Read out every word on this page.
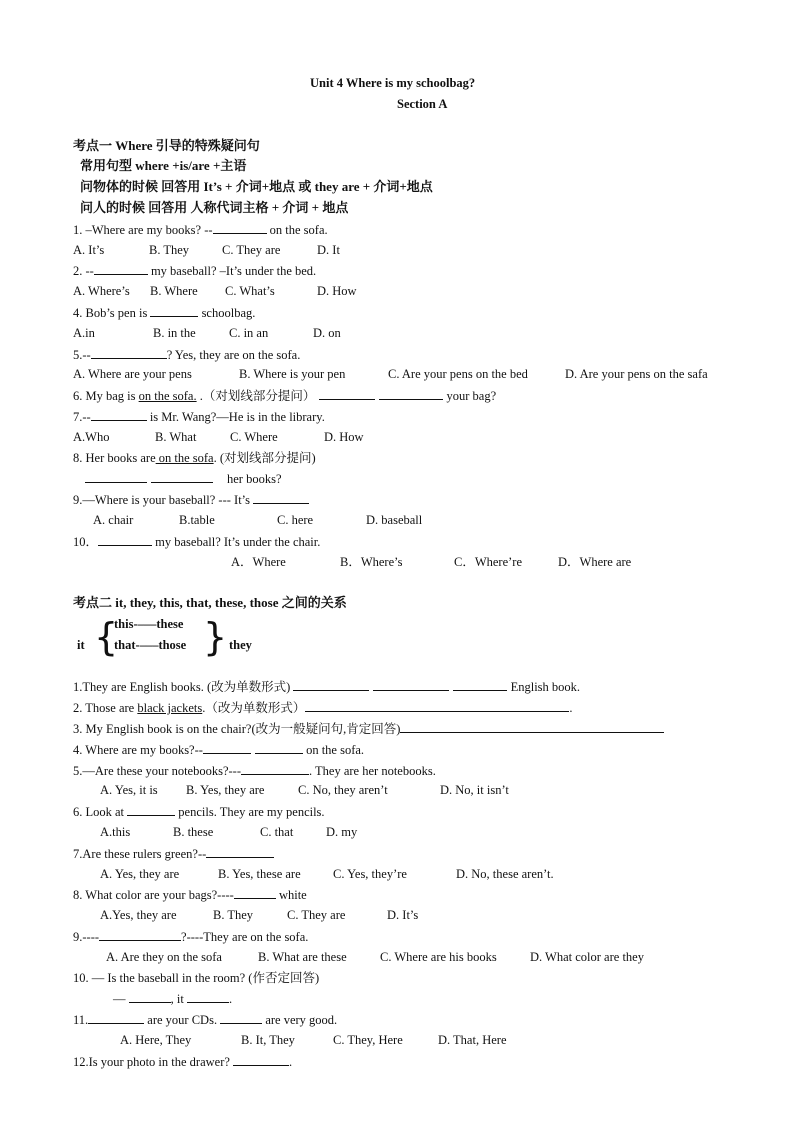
Unit 4 Where is my schoolbag?
Section A
考点一 Where 引导的特殊疑问句
常用句型 where +is/are +主语
问物体的时候 回答用 It’s + 介词+地点 或 they are + 介词+地点
问人的时候 回答用 人称代词主格 + 介词 + 地点
1. –Where are my books? --	on the sofa.
A. It’s	B. They	C. They are	D. It
2. --	my baseball? –It’s under the bed.
A. Where’s B. Where C. What’s	D. How
4. Bob’s pen is	schoolbag.
A.in	B. in the	C. in an	D. on
5.--	? Yes, they are on the sofa.
A. Where are your pens	B. Where is your pen	C. Are your pens on the bed	D. Are your pens on the safa
6. My bag is on the sofa. .（对划线部分提问）	your bag?
7.--	is Mr. Wang?—He is in the library.
A.Who	B. What	C. Where	D. How
8. Her books are on the sofa. (对划线部分提问)
her books?
9.—Where is your baseball? --- It’s
A. chair	B.table	C. here	D. baseball
10．	my baseball? It’s under the chair.
A．Where	B．Where’s	C．Where’re	D．Where are
考点二 it, they, this, that, these, those 之间的关系
it {
this-–––these
that-–––those } they
1.They are English books. (改为单数形式)	English book.
2. Those are black jackets.（改为单数形式）	.
3. My English book is on the chair?(改为一般疑问句,肯定回答)
4. Where are my books?--	on the sofa.
5.—Are these your notebooks?---	. They are her notebooks.
A. Yes, it is B. Yes, they are	C. No, they aren’t	D. No, it isn’t
6. Look at	pencils. They are my pencils.
A.this	B. these	C. that	D. my
7.Are these rulers green?--
A. Yes, they are	B. Yes, these are	C. Yes, they’re	D. No, these aren’t.
8. What color are your bags?----	white
A.Yes, they are	B. They	C. They are	D. It’s
9.----	?----They are on the sofa.
A. Are they on the sofa	B. What are these	C. Where are his books	D. What color are they
10. — Is the baseball in the room? (作否定回答)
—	, it	.
11.	are your CDs.	are very good.
A. Here, They	B. It, They	C. They, Here	D. That, Here
12.Is your photo in the drawer?	.
